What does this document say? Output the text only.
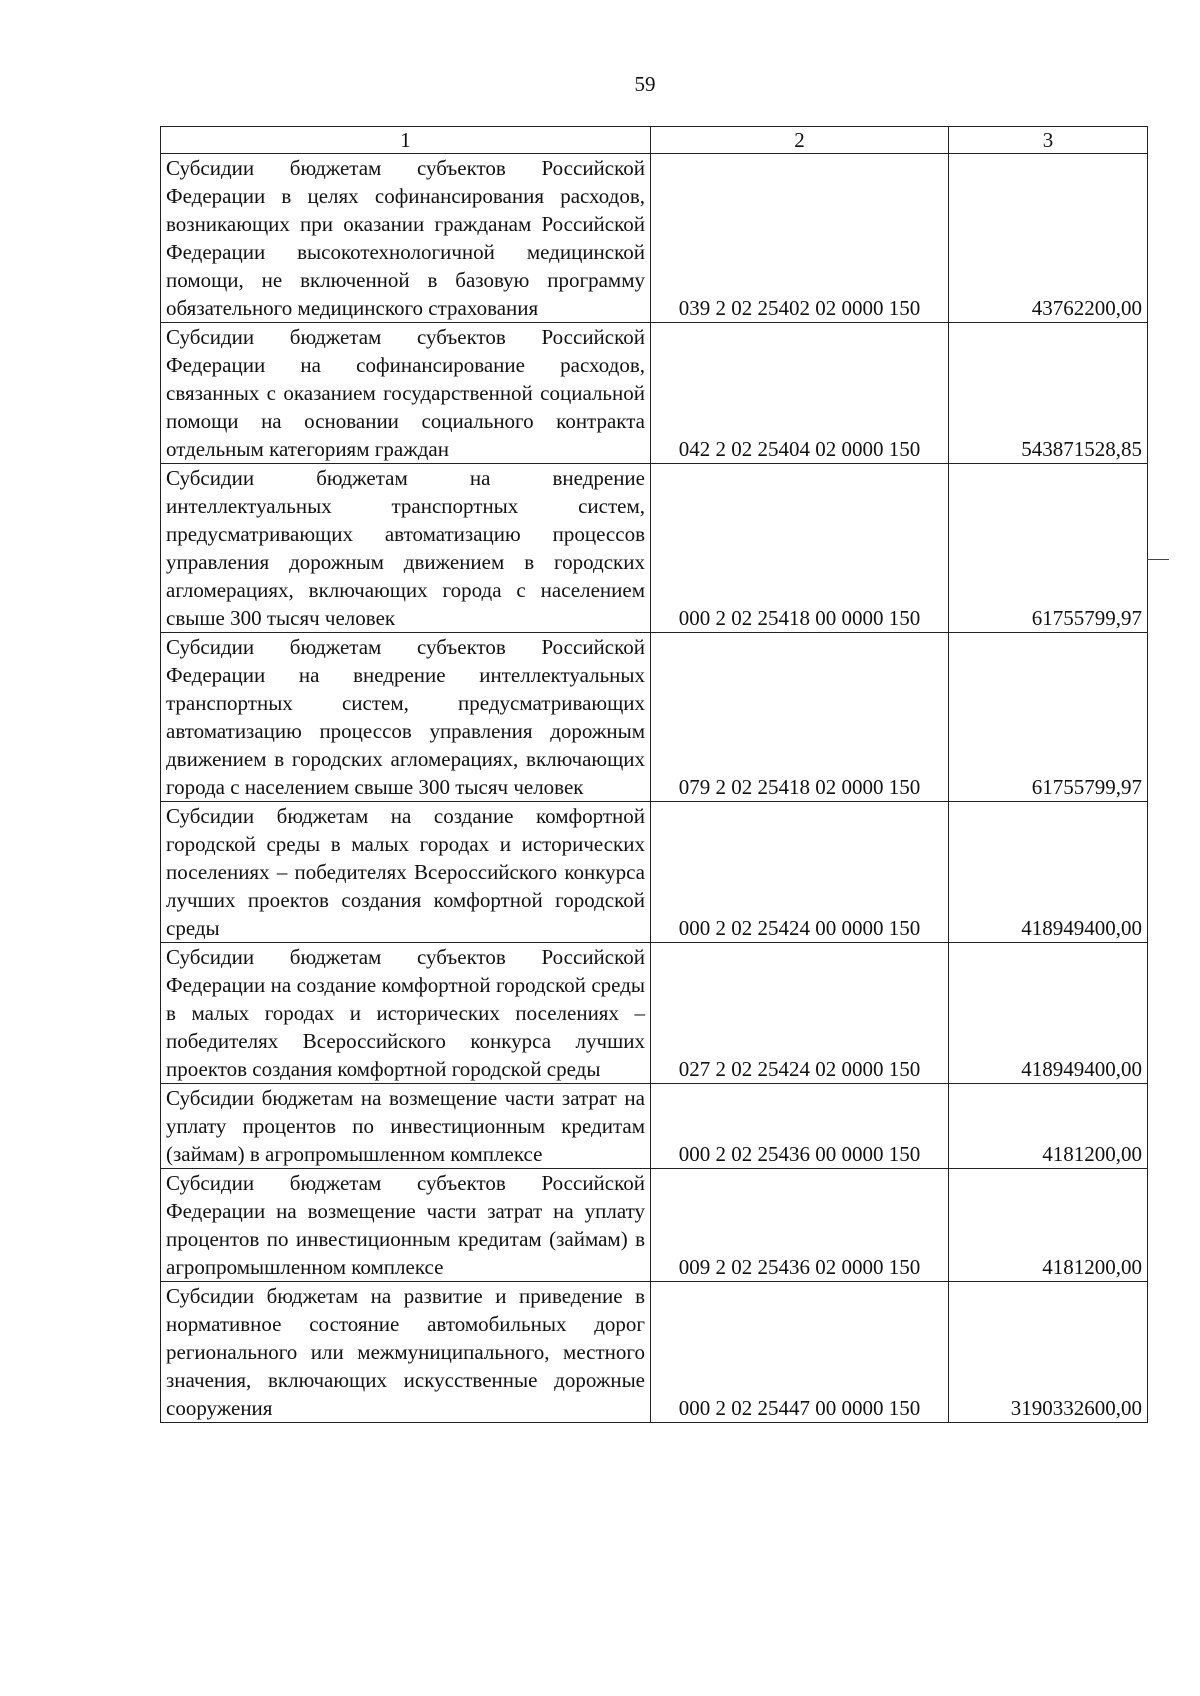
59
1	2	3
Субсидии бюджетам субъектов Российской Федерации в целях софинансирования расходов, возникающих при оказании гражданам Российской Федерации высокотехнологичной медицинской помощи, не включенной в базовую программу обязательного медицинского страхования	039 2 02 25402 02 0000 150	43762200,00
Субсидии бюджетам субъектов Российской Федерации на софинансирование расходов, связанных с оказанием государственной социальной помощи на основании социального контракта отдельным категориям граждан	042 2 02 25404 02 0000 150	543871528,85
Субсидии бюджетам на внедрение интеллектуальных транспортных систем, предусматривающих автоматизацию процессов управления дорожным движением в городских агломерациях, включающих города с населением свыше 300 тысяч человек	000 2 02 25418 00 0000 150	61755799,97
Субсидии бюджетам субъектов Российской Федерации на внедрение интеллектуальных транспортных систем, предусматривающих автоматизацию процессов управления дорожным движением в городских агломерациях, включающих города с населением свыше 300 тысяч человек	079 2 02 25418 02 0000 150	61755799,97
Субсидии бюджетам на создание комфортной городской среды в малых городах и исторических поселениях – победителях Всероссийского конкурса лучших проектов создания комфортной городской среды	000 2 02 25424 00 0000 150	418949400,00
Субсидии бюджетам субъектов Российской Федерации на создание комфортной городской среды в малых городах и исторических поселениях – победителях Всероссийского конкурса лучших проектов создания комфортной городской среды	027 2 02 25424 02 0000 150	418949400,00
Субсидии бюджетам на возмещение части затрат на уплату процентов по инвестиционным кредитам (займам) в агропромышленном комплексе	000 2 02 25436 00 0000 150	4181200,00
Субсидии бюджетам субъектов Российской Федерации на возмещение части затрат на уплату процентов по инвестиционным кредитам (займам) в агропромышленном комплексе	009 2 02 25436 02 0000 150	4181200,00
Субсидии бюджетам на развитие и приведение в нормативное состояние автомобильных дорог регионального или межмуниципального, местного значения, включающих искусственные дорожные сооружения	000 2 02 25447 00 0000 150	3190332600,00
